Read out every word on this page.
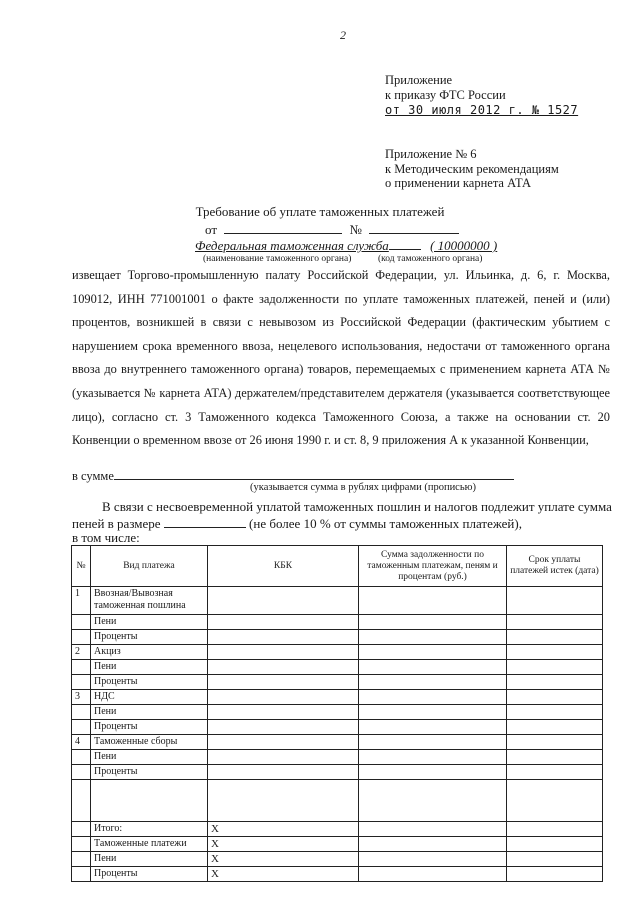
2
Приложение
к приказу ФТС России
от 30 июля 2012 г. № 1527
Приложение № 6
к Методическим рекомендациям
о применении карнета АТА
Требование об уплате таможенных платежей
от	№
Федеральная таможенная служба	( 10000000 )
(наименование таможенного органа)	(код таможенного органа)
извещает Торгово-промышленную палату Российской Федерации, ул. Ильинка, д. 6, г. Москва, 109012, ИНН 771001001 о факте задолженности по уплате таможенных платежей, пеней и (или) процентов, возникшей в связи с невывозом из Российской Федерации (фактическим убытием с нарушением срока временного ввоза, нецелевого использования, недостачи от таможенного органа ввоза до внутреннего таможенного органа) товаров, перемещаемых с применением карнета АТА № (указывается № карнета АТА) держателем/представителем держателя (указывается соответствующее лицо), согласно ст. 3 Таможенного кодекса Таможенного Союза, а также на основании ст. 20 Конвенции о временном ввозе от 26 июня 1990 г. и ст. 8, 9 приложения А к указанной Конвенции,
в сумме
(указывается сумма в рублях цифрами (прописью)
В связи с несвоевременной уплатой таможенных пошлин и налогов подлежит уплате сумма
пеней в размере	(не более 10 % от суммы таможенных платежей),
в том числе:
№	Вид платежа	КБК	Сумма задолженности по таможенным платежам, пеням и процентам (руб.)	Срок уплаты платежей истек (дата)
1	Ввозная/Вывозная таможенная пошлина			
	Пени			
	Проценты			
2	Акциз			
	Пени			
	Проценты			
3	НДС			
	Пени			
	Проценты			
4	Таможенные сборы			
	Пени			
	Проценты			

	Итого:	X		
	Таможенные платежи	X		
	Пени	X		
	Проценты	X		
